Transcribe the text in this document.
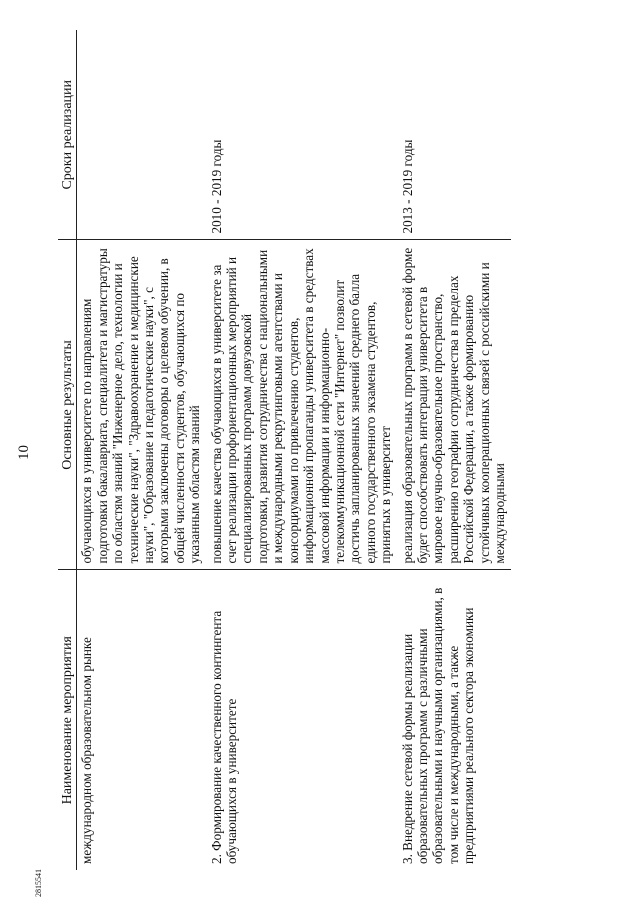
10
2815541
Наименование мероприятия	Основные результаты	Сроки реализации
международном образовательном рынке	обучающихся в университете по направлениям подготовки бакалавриата, специалитета и магистратуры по областям знаний "Инженерное дело, технологии и технические науки", "Здравоохранение и медицинские науки", "Образование и педагогические науки", с которыми заключены договоры о целевом обучении, в общей численности студентов, обучающихся по указанным областям знаний	
2. Формирование качественного контингента обучающихся в университете	повышение качества обучающихся в университете за счет реализации профориентационных мероприятий и специализированных программ довузовской подготовки, развития сотрудничества с национальными и международными рекрутинговыми агентствами и консорциумами по привлечению студентов, информационной пропаганды университета в средствах массовой информации и информационно-телекоммуникационной сети "Интернет" позволит достичь запланированных значений среднего балла единого государственного экзамена студентов, принятых в университет	2010 - 2019 годы
3. Внедрение сетевой формы реализации образовательных программ с различными образовательными и научными организациями, в том числе и международными, а также предприятиями реального сектора экономики	реализация образовательных программ в сетевой форме будет способствовать интеграции университета в мировое научно-образовательное пространство, расширению географии сотрудничества в пределах Российской Федерации, а также формированию устойчивых кооперационных связей с российскими и международными	2013 - 2019 годы
